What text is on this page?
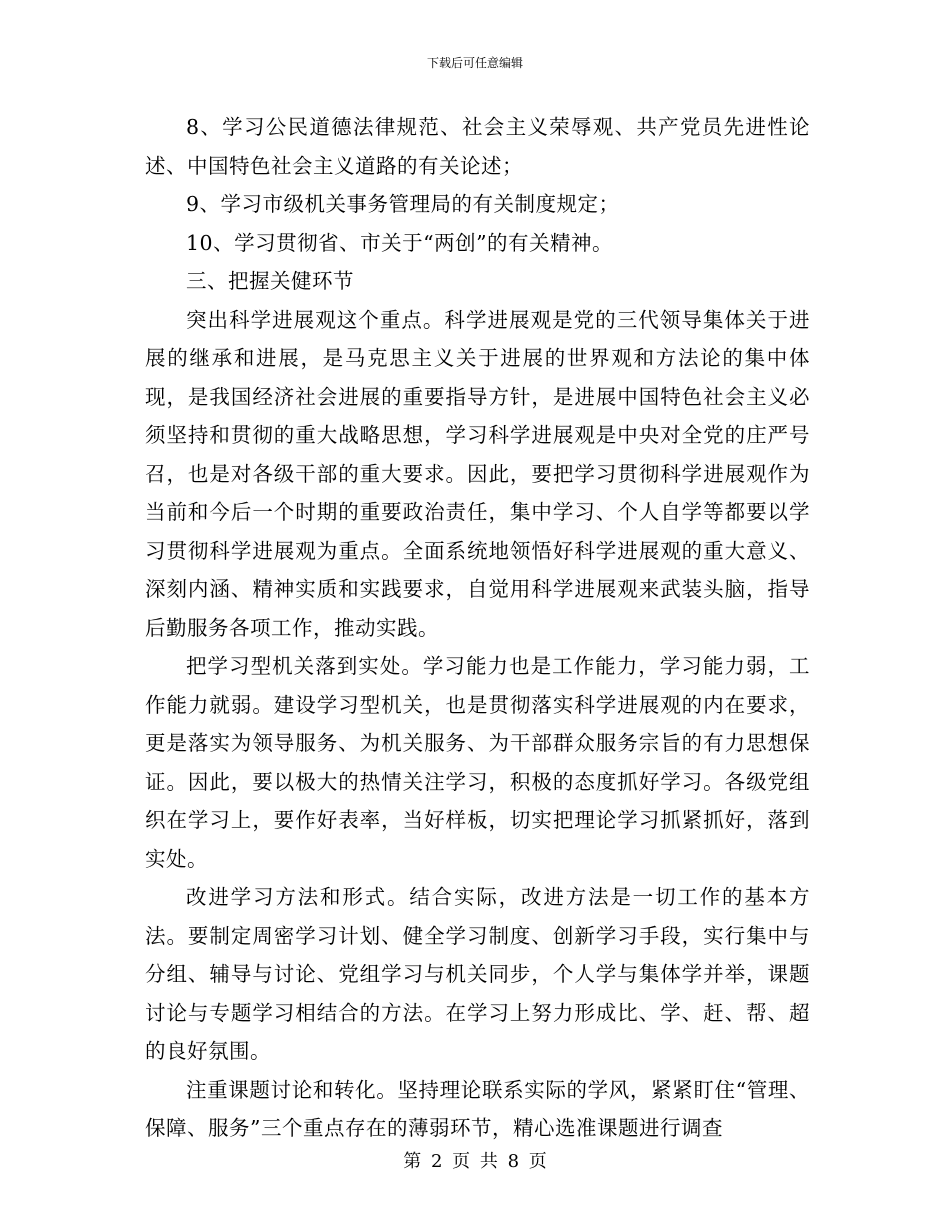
下载后可任意编辑

8、学习公民道德法律规范、社会主义荣辱观、共产党员先进性论述、中国特色社会主义道路的有关论述；

9、学习市级机关事务管理局的有关制度规定；

10、学习贯彻省、市关于“两创”的有关精神。

三、把握关健环节

突出科学进展观这个重点。科学进展观是党的三代领导集体关于进展的继承和进展，是马克思主义关于进展的世界观和方法论的集中体现，是我国经济社会进展的重要指导方针，是进展中国特色社会主义必须坚持和贯彻的重大战略思想，学习科学进展观是中央对全党的庄严号召，也是对各级干部的重大要求。因此，要把学习贯彻科学进展观作为当前和今后一个时期的重要政治责任，集中学习、个人自学等都要以学习贯彻科学进展观为重点。全面系统地领悟好科学进展观的重大意义、深刻内涵、精神实质和实践要求，自觉用科学进展观来武装头脑，指导后勤服务各项工作，推动实践。

把学习型机关落到实处。学习能力也是工作能力，学习能力弱，工作能力就弱。建设学习型机关，也是贯彻落实科学进展观的内在要求，更是落实为领导服务、为机关服务、为干部群众服务宗旨的有力思想保证。因此，要以极大的热情关注学习，积极的态度抓好学习。各级党组织在学习上，要作好表率，当好样板，切实把理论学习抓紧抓好，落到实处。

改进学习方法和形式。结合实际，改进方法是一切工作的基本方法。要制定周密学习计划、健全学习制度、创新学习手段，实行集中与分组、辅导与讨论、党组学习与机关同步，个人学与集体学并举，课题讨论与专题学习相结合的方法。在学习上努力形成比、学、赶、帮、超的良好氛围。

注重课题讨论和转化。坚持理论联系实际的学风，紧紧盯住“管理、保障、服务”三个重点存在的薄弱环节，精心选准课题进行调查

第 2 页 共 8 页
